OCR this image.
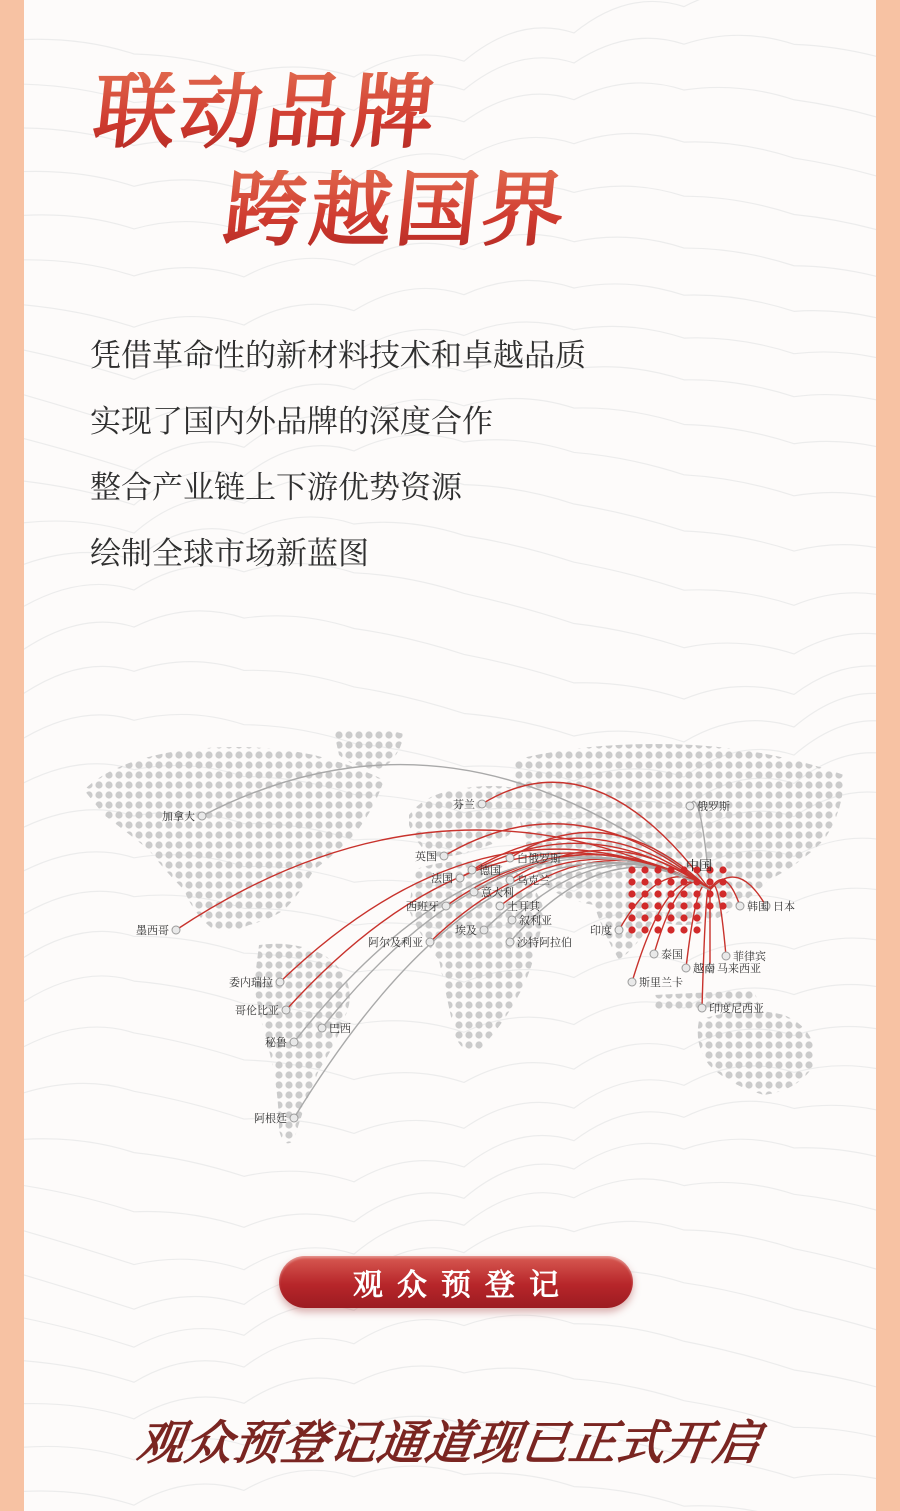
联动品牌
跨越国界
凭借革命性的新材料技术和卓越品质
实现了国内外品牌的深度合作
整合产业链上下游优势资源
绘制全球市场新蓝图
加拿大
芬兰	俄罗斯
英国
德国
白俄罗斯
法国
意大利
乌克兰
西班牙	土耳其
叙利亚
墨西哥
阿尔及利亚
埃及
沙特阿拉伯
印度
韩国 日本
泰国	菲律宾
越南 马来西亚
斯里兰卡
委内瑞拉
哥伦比亚
巴西
秘鲁
印度尼西亚
阿根廷
中国
观众预登记
观众预登记通道现已正式开启
